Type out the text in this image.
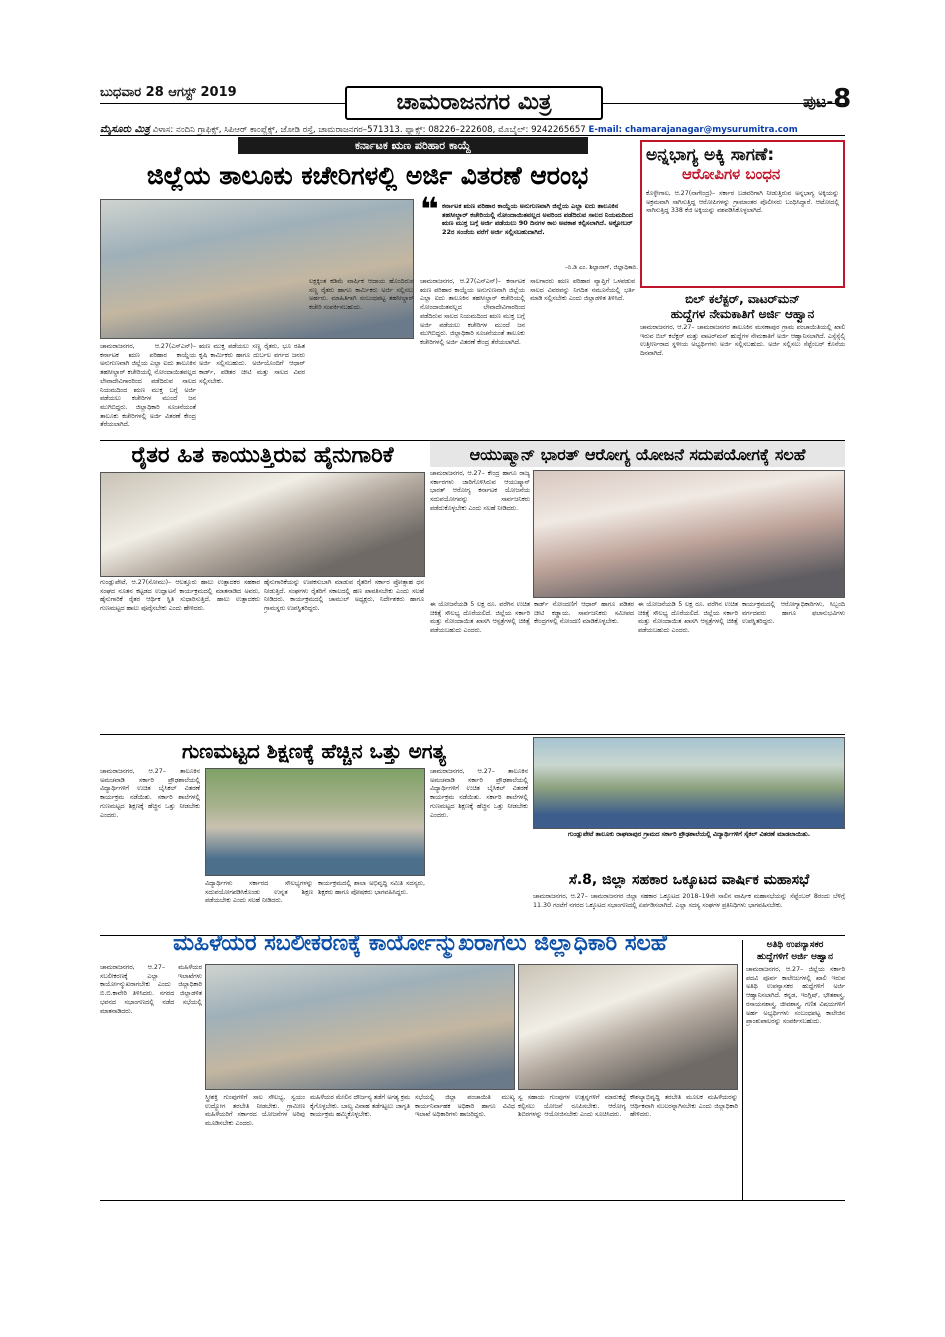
ಬುಧವಾರ 28 ಆಗಸ್ಟ್ 2019	ಚಾಮರಾಜನಗರ ಮಿತ್ರ	ಪುಟ-8
ಮೈಸೂರು ಮಿತ್ರ ವಿಳಾಸ: ನಂದಿನಿ ಗ್ರಾಫಿಕ್ಸ್, ಸಿಪಿಆರ್ ಕಾಂಪ್ಲೆಕ್ಸ್, ಜೋಡಿ ರಸ್ತೆ, ಚಾಮರಾಜನಗರ–571313. ಫ್ಯಾಕ್ಸ್: 08226–222608, ಮೊಬೈಲ್: 9242265657 E-mail: chamarajanagar@mysurumitra.com
ಕರ್ನಾಟಕ ಋಣ ಪರಿಹಾರ ಕಾಯ್ದೆ
ಜಿಲ್ಲೆಯ ತಾಲೂಕು ಕಚೇರಿಗಳಲ್ಲಿ ಅರ್ಜಿ ವಿತರಣೆ ಆರಂಭ
❝ ಕರ್ನಾಟಕ ಋಣ ಪರಿಹಾರ ಕಾಯ್ದೆಯ ಅನುಗುಣವಾಗಿ ಜಿಲ್ಲೆಯ ಎಲ್ಲಾ ಐದು ತಾಲೂಕಿನ ತಹಸೀಲ್ದಾರ್ ಕಚೇರಿಯಲ್ಲಿ ನೋಂದಾಯಿತವಲ್ಲದ ಅವರಿಂದ ಪಡೆದಿರುವ ಸಾಲದ ನಿಯಮದಿಂದ ಋಣ ಮುಕ್ತ ಬಗ್ಗೆ ಅರ್ಜಿ ಪಡೆಯಲು 90 ದಿನಗಳ ಕಾಲ ಅವಕಾಶ ಕಲ್ಪಿಸಲಾಗಿದೆ. ಅಕ್ಟೋಬರ್ 22ರ ಸಂಜೆಯ ವರೆಗೆ ಅರ್ಜಿ ಸಲ್ಲಿಸಬಹುದಾಗಿದೆ.
–ನಿ.ಡಿ ಎಂ. ಶಿಲ್ಪಾನಾಗ್, ಜಿಲ್ಲಾಧಿಕಾರಿ.
ಚಾಮರಾಜನಗರ, ಆ.27(ಎಸ್‌ಎನ್)– ಕರ್ನಾಟಕ ಋಣ ಪರಿಹಾರ ಕಾಯ್ದೆಯ ಅನುಗುಣವಾಗಿ ಜಿಲ್ಲೆಯ ಎಲ್ಲಾ ಐದು ತಾಲೂಕಿನ ತಹಸೀಲ್ದಾರ್ ಕಚೇರಿಯಲ್ಲಿ ನೋಂದಾಯಿತವಲ್ಲದ ಲೇವಾದೇವಿಗಾರರಿಂದ ಪಡೆದಿರುವ ಸಾಲದ ನಿಯಮದಿಂದ ಋಣ ಮುಕ್ತ ಬಗ್ಗೆ ಅರ್ಜಿ ಪಡೆಯಲು ಕಚೇರಿಗಳ ಮುಂದೆ ಜನ ಮುಗಿಬಿದ್ದರು. ಜಿಲ್ಲಾಧಿಕಾರಿ ಸೂಚನೆಯಂತೆ ತಾಲೂಕು ಕಚೇರಿಗಳಲ್ಲಿ ಅರ್ಜಿ ವಿತರಣೆ ಕೇಂದ್ರ ತೆರೆಯಲಾಗಿದೆ.
ಋಣ ಮುಕ್ತ ಪಡೆಯಲು ಸಣ್ಣ ರೈತರು, ಭೂ ರಹಿತ ಕೃಷಿ ಕಾರ್ಮಿಕರು ಹಾಗೂ ದುರ್ಬಲ ವರ್ಗದ ಜನರು ಅರ್ಜಿ ಸಲ್ಲಿಸಬಹುದು. ಅರ್ಜಿಯೊಂದಿಗೆ ಆಧಾರ್ ಕಾರ್ಡ್, ಪಡಿತರ ಚೀಟಿ ಮತ್ತು ಸಾಲದ ವಿವರ ಸಲ್ಲಿಸಬೇಕು.
ಲಕ್ಷಕ್ಕಿಂತ ಕಡಿಮೆ ವಾರ್ಷಿಕ ಆದಾಯ ಹೊಂದಿರುವ ಸಣ್ಣ ರೈತರು ಹಾಗೂ ಕಾರ್ಮಿಕರು ಅರ್ಜಿ ಸಲ್ಲಿಸಲು ಅರ್ಹರು. ಮಾಹಿತಿಗಾಗಿ ಸಂಬಂಧಪಟ್ಟ ತಹಸೀಲ್ದಾರ್ ಕಚೇರಿ ಸಂಪರ್ಕಿಸಬಹುದು.
ಚಾಮರಾಜನಗರ, ಆ.27(ಎಸ್‌ಎನ್)– ಕರ್ನಾಟಕ ಋಣ ಪರಿಹಾರ ಕಾಯ್ದೆಯ ಅನುಗುಣವಾಗಿ ಜಿಲ್ಲೆಯ ಎಲ್ಲಾ ಐದು ತಾಲೂಕಿನ ತಹಸೀಲ್ದಾರ್ ಕಚೇರಿಯಲ್ಲಿ ನೋಂದಾಯಿತವಲ್ಲದ ಲೇವಾದೇವಿಗಾರರಿಂದ ಪಡೆದಿರುವ ಸಾಲದ ನಿಯಮದಿಂದ ಋಣ ಮುಕ್ತ ಬಗ್ಗೆ ಅರ್ಜಿ ಪಡೆಯಲು ಕಚೇರಿಗಳ ಮುಂದೆ ಜನ ಮುಗಿಬಿದ್ದರು. ಜಿಲ್ಲಾಧಿಕಾರಿ ಸೂಚನೆಯಂತೆ ತಾಲೂಕು ಕಚೇರಿಗಳಲ್ಲಿ ಅರ್ಜಿ ವಿತರಣೆ ಕೇಂದ್ರ ತೆರೆಯಲಾಗಿದೆ.
ಸಾಲಗಾರರು ಋಣ ಪರಿಹಾರ ವ್ಯಾಪ್ತಿಗೆ ಒಳಪಡುವ ಸಾಲದ ವಿವರವನ್ನು ನಿಗದಿತ ನಮೂನೆಯಲ್ಲಿ ಭರ್ತಿ ಮಾಡಿ ಸಲ್ಲಿಸಬೇಕು ಎಂದು ಜಿಲ್ಲಾಡಳಿತ ತಿಳಿಸಿದೆ.
ಅನ್ನಭಾಗ್ಯ ಅಕ್ಕಿ ಸಾಗಣೆ:
ಆರೋಪಿಗಳ ಬಂಧನ
ಕೊಳ್ಳೇಗಾಲ, ಆ.27(ನಾಗೇಂದ್ರ)– ಸರ್ಕಾರ ಬಡವರಿಗಾಗಿ ನೀಡುತ್ತಿರುವ ಅನ್ನಭಾಗ್ಯ ಅಕ್ಕಿಯನ್ನು ಅಕ್ರಮವಾಗಿ ಸಾಗಿಸುತ್ತಿದ್ದ ಆರೋಪಿಗಳನ್ನು ಗ್ರಾಮಾಂತರ ಪೊಲೀಸರು ಬಂಧಿಸಿದ್ದಾರೆ. ಆಟೋದಲ್ಲಿ ಸಾಗಿಸುತ್ತಿದ್ದ 338 ಕೆಜಿ ಅಕ್ಕಿಯನ್ನು ವಶಪಡಿಸಿಕೊಳ್ಳಲಾಗಿದೆ.
ಬಿಲ್ ಕಲೆಕ್ಟರ್, ವಾಟರ್‌ಮನ್
ಹುದ್ದೆಗಳ ನೇಮಕಾತಿಗೆ ಅರ್ಜಿ ಆಹ್ವಾನ
ಚಾಮರಾಜನಗರ, ಆ.27– ಚಾಮರಾಜನಗರ ತಾಲೂಕಿನ ಮಸಣಾಪುರ ಗ್ರಾಮ ಪಂಚಾಯಿತಿಯಲ್ಲಿ ಖಾಲಿ ಇರುವ ಬಿಲ್ ಕಲೆಕ್ಟರ್ ಮತ್ತು ವಾಟರ್‌ಮನ್ ಹುದ್ದೆಗಳ ನೇಮಕಾತಿಗೆ ಅರ್ಜಿ ಆಹ್ವಾನಿಸಲಾಗಿದೆ. ಎಸ್ಸೆಸ್ಸೆಲ್ಸಿ ಉತ್ತೀರ್ಣರಾದ ಸ್ಥಳೀಯ ಅಭ್ಯರ್ಥಿಗಳು ಅರ್ಜಿ ಸಲ್ಲಿಸಬಹುದು. ಅರ್ಜಿ ಸಲ್ಲಿಸಲು ಸೆಪ್ಟೆಂಬರ್ ಕೊನೆಯ ದಿನವಾಗಿದೆ.
ರೈತರ ಹಿತ ಕಾಯುತ್ತಿರುವ ಹೈನುಗಾರಿಕೆ
ಗುಂಡ್ಲುಪೇಟೆ, ಆ.27(ಸೋಮು)– ಆಲತ್ತೂರು ಹಾಲು ಉತ್ಪಾದಕರ ಸಹಕಾರ ಸಂಘದ ನೂತನ ಕಟ್ಟಡದ ಉದ್ಘಾಟನೆ ಕಾರ್ಯಕ್ರಮದಲ್ಲಿ ಮಾತನಾಡಿದ ಅವರು, ಹೈನುಗಾರಿಕೆ ರೈತರ ಆರ್ಥಿಕ ಸ್ಥಿತಿ ಸುಧಾರಿಸುತ್ತಿದೆ. ಹಾಲು ಉತ್ಪಾದಕರು ಗುಣಮಟ್ಟದ ಹಾಲು ಪೂರೈಸಬೇಕು ಎಂದು ಹೇಳಿದರು.
ಹೈನುಗಾರಿಕೆಯನ್ನು ಉಪಕಸುಬಾಗಿ ಮಾಡುವ ರೈತರಿಗೆ ಸರ್ಕಾರ ಪ್ರೋತ್ಸಾಹ ಧನ ನೀಡುತ್ತಿದೆ. ಸಂಘಗಳು ರೈತರಿಗೆ ಸಕಾಲದಲ್ಲಿ ಹಣ ಪಾವತಿಸಬೇಕು ಎಂದು ಸಲಹೆ ನೀಡಿದರು. ಕಾರ್ಯಕ್ರಮದಲ್ಲಿ ಚಾಮುಲ್ ಅಧ್ಯಕ್ಷರು, ನಿರ್ದೇಶಕರು ಹಾಗೂ ಗ್ರಾಮಸ್ಥರು ಉಪಸ್ಥಿತರಿದ್ದರು.
ಆಯುಷ್ಮಾನ್ ಭಾರತ್ ಆರೋಗ್ಯ ಯೋಜನೆ ಸದುಪಯೋಗಕ್ಕೆ ಸಲಹೆ
ಚಾಮರಾಜನಗರ, ಆ.27– ಕೇಂದ್ರ ಹಾಗೂ ರಾಜ್ಯ ಸರ್ಕಾರಗಳು ಜಾರಿಗೊಳಿಸಿರುವ ಆಯುಷ್ಮಾನ್ ಭಾರತ್ ಆರೋಗ್ಯ ಕರ್ನಾಟಕ ಯೋಜನೆಯ ಸದುಪಯೋಗವನ್ನು ಸಾರ್ವಜನಿಕರು ಪಡೆದುಕೊಳ್ಳಬೇಕು ಎಂದು ಸಲಹೆ ನೀಡಿದರು.
ಈ ಯೋಜನೆಯಡಿ 5 ಲಕ್ಷ ರೂ. ವರೆಗಿನ ಉಚಿತ ಚಿಕಿತ್ಸೆ ಸೌಲಭ್ಯ ದೊರೆಯಲಿದೆ. ಜಿಲ್ಲೆಯ ಸರ್ಕಾರಿ ಮತ್ತು ನೋಂದಾಯಿತ ಖಾಸಗಿ ಆಸ್ಪತ್ರೆಗಳಲ್ಲಿ ಚಿಕಿತ್ಸೆ ಪಡೆಯಬಹುದು ಎಂದರು.
ಕಾರ್ಡ್ ನೋಂದಣಿಗೆ ಆಧಾರ್ ಹಾಗೂ ಪಡಿತರ ಚೀಟಿ ಕಡ್ಡಾಯ. ಸಾರ್ವಜನಿಕರು ಸಮೀಪದ ಕೇಂದ್ರಗಳಲ್ಲಿ ನೋಂದಣಿ ಮಾಡಿಕೊಳ್ಳಬೇಕು.
ಈ ಯೋಜನೆಯಡಿ 5 ಲಕ್ಷ ರೂ. ವರೆಗಿನ ಉಚಿತ ಚಿಕಿತ್ಸೆ ಸೌಲಭ್ಯ ದೊರೆಯಲಿದೆ. ಜಿಲ್ಲೆಯ ಸರ್ಕಾರಿ ಮತ್ತು ನೋಂದಾಯಿತ ಖಾಸಗಿ ಆಸ್ಪತ್ರೆಗಳಲ್ಲಿ ಚಿಕಿತ್ಸೆ ಪಡೆಯಬಹುದು ಎಂದರು.
ಕಾರ್ಯಕ್ರಮದಲ್ಲಿ ಆರೋಗ್ಯಾಧಿಕಾರಿಗಳು, ಸಿಬ್ಬಂದಿ ವರ್ಗದವರು ಹಾಗೂ ಫಲಾನುಭವಿಗಳು ಉಪಸ್ಥಿತರಿದ್ದರು.
ಗುಣಮಟ್ಟದ ಶಿಕ್ಷಣಕ್ಕೆ ಹೆಚ್ಚಿನ ಒತ್ತು ಅಗತ್ಯ
ಚಾಮರಾಜನಗರ, ಆ.27– ತಾಲೂಕಿನ ಅಮಚವಾಡಿ ಸರ್ಕಾರಿ ಪ್ರೌಢಶಾಲೆಯಲ್ಲಿ ವಿದ್ಯಾರ್ಥಿಗಳಿಗೆ ಉಚಿತ ಬೈಸಿಕಲ್ ವಿತರಣೆ ಕಾರ್ಯಕ್ರಮ ನಡೆಯಿತು. ಸರ್ಕಾರಿ ಶಾಲೆಗಳಲ್ಲಿ ಗುಣಮಟ್ಟದ ಶಿಕ್ಷಣಕ್ಕೆ ಹೆಚ್ಚಿನ ಒತ್ತು ನೀಡಬೇಕು ಎಂದರು.
ವಿದ್ಯಾರ್ಥಿಗಳು ಸರ್ಕಾರದ ಸೌಲಭ್ಯಗಳನ್ನು ಸದುಪಯೋಗಪಡಿಸಿಕೊಂಡು ಉನ್ನತ ಶಿಕ್ಷಣ ಪಡೆಯಬೇಕು ಎಂದು ಸಲಹೆ ನೀಡಿದರು.
ಕಾರ್ಯಕ್ರಮದಲ್ಲಿ ಶಾಲಾ ಅಭಿವೃದ್ಧಿ ಸಮಿತಿ ಸದಸ್ಯರು, ಶಿಕ್ಷಕರು ಹಾಗೂ ಪೋಷಕರು ಭಾಗವಹಿಸಿದ್ದರು.
ಚಾಮರಾಜನಗರ, ಆ.27– ತಾಲೂಕಿನ ಅಮಚವಾಡಿ ಸರ್ಕಾರಿ ಪ್ರೌಢಶಾಲೆಯಲ್ಲಿ ವಿದ್ಯಾರ್ಥಿಗಳಿಗೆ ಉಚಿತ ಬೈಸಿಕಲ್ ವಿತರಣೆ ಕಾರ್ಯಕ್ರಮ ನಡೆಯಿತು. ಸರ್ಕಾರಿ ಶಾಲೆಗಳಲ್ಲಿ ಗುಣಮಟ್ಟದ ಶಿಕ್ಷಣಕ್ಕೆ ಹೆಚ್ಚಿನ ಒತ್ತು ನೀಡಬೇಕು ಎಂದರು.
ಗುಂಡ್ಲುಪೇಟೆ ತಾಲೂಕು ರಾಘವಾಪುರ ಗ್ರಾಮದ ಸರ್ಕಾರಿ ಪ್ರೌಢಶಾಲೆಯಲ್ಲಿ ವಿದ್ಯಾರ್ಥಿಗಳಿಗೆ ಸೈಕಲ್ ವಿತರಣೆ ಮಾಡಲಾಯಿತು.
ಸೆ.8, ಜಿಲ್ಲಾ ಸಹಕಾರ ಒಕ್ಕೂಟದ ವಾರ್ಷಿಕ ಮಹಾಸಭೆ
ಚಾಮರಾಜನಗರ, ಆ.27– ಚಾಮರಾಜನಗರ ಜಿಲ್ಲಾ ಸಹಕಾರ ಒಕ್ಕೂಟದ 2018–19ನೇ ಸಾಲಿನ ವಾರ್ಷಿಕ ಮಹಾಸಭೆಯನ್ನು ಸೆಪ್ಟೆಂಬರ್ 8ರಂದು ಬೆಳಿಗ್ಗೆ 11.30 ಗಂಟೆಗೆ ನಗರದ ಒಕ್ಕೂಟದ ಸಭಾಂಗಣದಲ್ಲಿ ಏರ್ಪಡಿಸಲಾಗಿದೆ. ಎಲ್ಲಾ ಸದಸ್ಯ ಸಂಘಗಳ ಪ್ರತಿನಿಧಿಗಳು ಭಾಗವಹಿಸಬೇಕು.
ಮಹಿಳೆಯರ ಸಬಲೀಕರಣಕ್ಕೆ ಕಾರ್ಯೋನ್ಮುಖರಾಗಲು ಜಿಲ್ಲಾಧಿಕಾರಿ ಸಲಹೆ
ಚಾಮರಾಜನಗರ, ಆ.27– ಮಹಿಳೆಯರ ಸಬಲೀಕರಣಕ್ಕೆ ಎಲ್ಲಾ ಇಲಾಖೆಗಳು ಕಾರ್ಯೋನ್ಮುಖರಾಗಬೇಕು ಎಂದು ಜಿಲ್ಲಾಧಿಕಾರಿ ಬಿ.ಬಿ.ಕಾವೇರಿ ತಿಳಿಸಿದರು. ನಗರದ ಜಿಲ್ಲಾಡಳಿತ ಭವನದ ಸಭಾಂಗಣದಲ್ಲಿ ನಡೆದ ಸಭೆಯಲ್ಲಿ ಮಾತನಾಡಿದರು.
ಸ್ತ್ರೀಶಕ್ತಿ ಗುಂಪುಗಳಿಗೆ ಸಾಲ ಸೌಲಭ್ಯ, ಸ್ವಯಂ ಉದ್ಯೋಗ ತರಬೇತಿ ನೀಡಬೇಕು. ಗ್ರಾಮೀಣ ಮಹಿಳೆಯರಿಗೆ ಸರ್ಕಾರದ ಯೋಜನೆಗಳ ಅರಿವು ಮೂಡಿಸಬೇಕು ಎಂದರು.
ಮಹಿಳೆಯರ ಮೇಲಿನ ದೌರ್ಜನ್ಯ ತಡೆಗೆ ಅಗತ್ಯ ಕ್ರಮ ಕೈಗೊಳ್ಳಬೇಕು. ಬಾಲ್ಯ ವಿವಾಹ ತಡೆಗಟ್ಟಲು ಜಾಗೃತಿ ಕಾರ್ಯಕ್ರಮ ಹಮ್ಮಿಕೊಳ್ಳಬೇಕು.
ಸಭೆಯಲ್ಲಿ ಜಿಲ್ಲಾ ಪಂಚಾಯಿತಿ ಮುಖ್ಯ ಕಾರ್ಯನಿರ್ವಾಹಕ ಅಧಿಕಾರಿ ಹಾಗೂ ವಿವಿಧ ಇಲಾಖೆ ಅಧಿಕಾರಿಗಳು ಹಾಜರಿದ್ದರು.
ಸ್ವ ಸಹಾಯ ಗುಂಪುಗಳ ಉತ್ಪನ್ನಗಳಿಗೆ ಮಾರುಕಟ್ಟೆ ಕಲ್ಪಿಸಲು ಯೋಜನೆ ರೂಪಿಸಬೇಕು. ಆರೋಗ್ಯ ಶಿಬಿರಗಳನ್ನು ಆಯೋಜಿಸಬೇಕು ಎಂದು ಸೂಚಿಸಿದರು.
ಕೌಶಲ್ಯಾಭಿವೃದ್ಧಿ ತರಬೇತಿ ಮೂಲಕ ಮಹಿಳೆಯರನ್ನು ಆರ್ಥಿಕವಾಗಿ ಸಬಲರನ್ನಾಗಿಸಬೇಕು ಎಂದು ಜಿಲ್ಲಾಧಿಕಾರಿ ಹೇಳಿದರು.
ಅತಿಥಿ ಉಪನ್ಯಾಸಕರ
ಹುದ್ದೆಗಳಿಗೆ ಅರ್ಜಿ ಆಹ್ವಾನ
ಚಾಮರಾಜನಗರ, ಆ.27– ಜಿಲ್ಲೆಯ ಸರ್ಕಾರಿ ಪದವಿ ಪೂರ್ವ ಕಾಲೇಜುಗಳಲ್ಲಿ ಖಾಲಿ ಇರುವ ಅತಿಥಿ ಉಪನ್ಯಾಸಕರ ಹುದ್ದೆಗಳಿಗೆ ಅರ್ಜಿ ಆಹ್ವಾನಿಸಲಾಗಿದೆ. ಕನ್ನಡ, ಇಂಗ್ಲಿಷ್, ಭೌತಶಾಸ್ತ್ರ, ರಸಾಯನಶಾಸ್ತ್ರ, ಜೀವಶಾಸ್ತ್ರ, ಗಣಿತ ವಿಷಯಗಳಿಗೆ ಅರ್ಹ ಅಭ್ಯರ್ಥಿಗಳು ಸಂಬಂಧಪಟ್ಟ ಕಾಲೇಜಿನ ಪ್ರಾಂಶುಪಾಲರನ್ನು ಸಂಪರ್ಕಿಸಬಹುದು.
